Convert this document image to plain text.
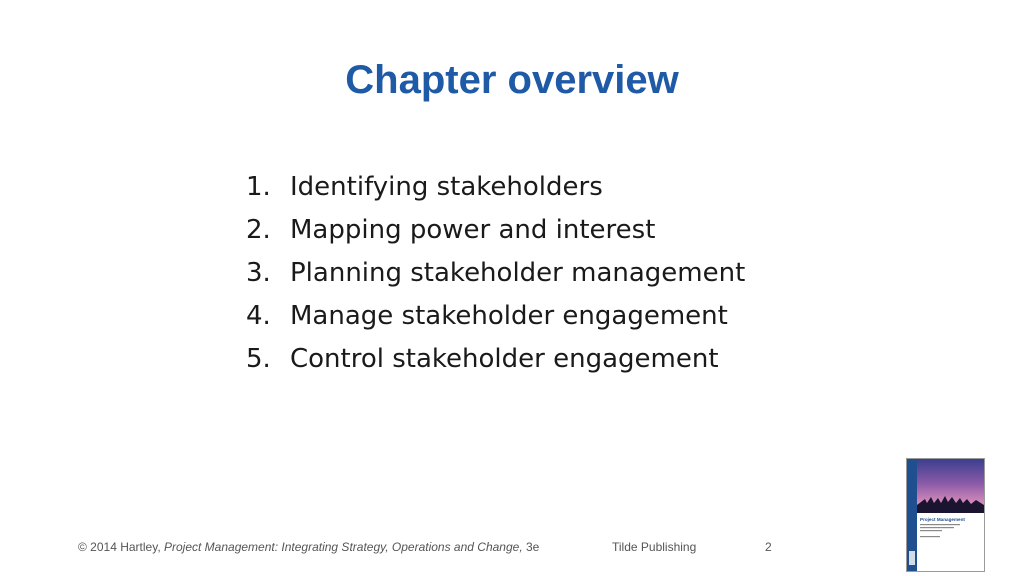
Chapter overview
1. Identifying stakeholders
2. Mapping power and interest
3. Planning stakeholder management
4. Manage stakeholder engagement
5. Control stakeholder engagement
© 2014 Hartley, Project Management: Integrating Strategy, Operations and Change, 3e	Tilde Publishing	2
Project Management
